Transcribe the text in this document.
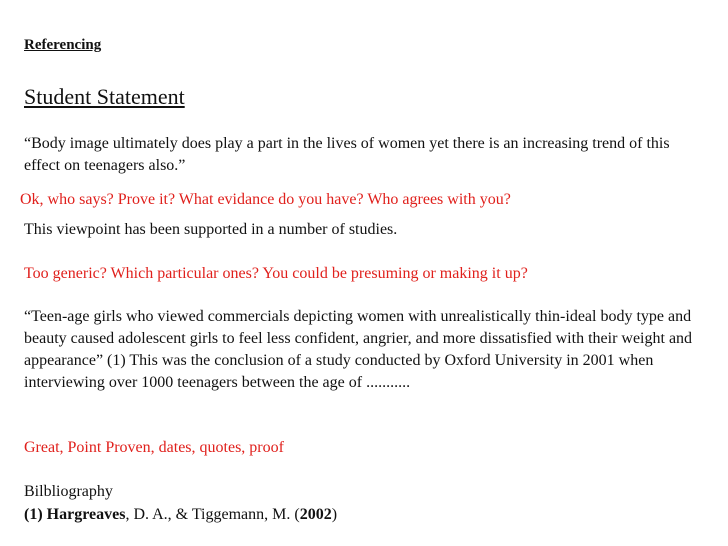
Referencing
Student Statement
“Body image ultimately does play a part in the lives of women yet there is an increasing trend of this effect on teenagers also.”
Ok, who says? Prove it? What evidance do you have? Who agrees with you?
This viewpoint has been supported in a number of studies.
Too generic? Which particular ones? You could be presuming or making it up?
“Teen-age girls who viewed commercials depicting women with unrealistically thin-ideal body type and beauty caused adolescent girls to feel less confident, angrier, and more dissatisfied with their weight and appearance” (1) This was the conclusion of a study conducted by Oxford University in 2001 when interviewing over 1000 teenagers between the age of ...........
Great, Point Proven, dates, quotes, proof
Bilbliography
(1) Hargreaves, D. A., & Tiggemann, M. (2002)
